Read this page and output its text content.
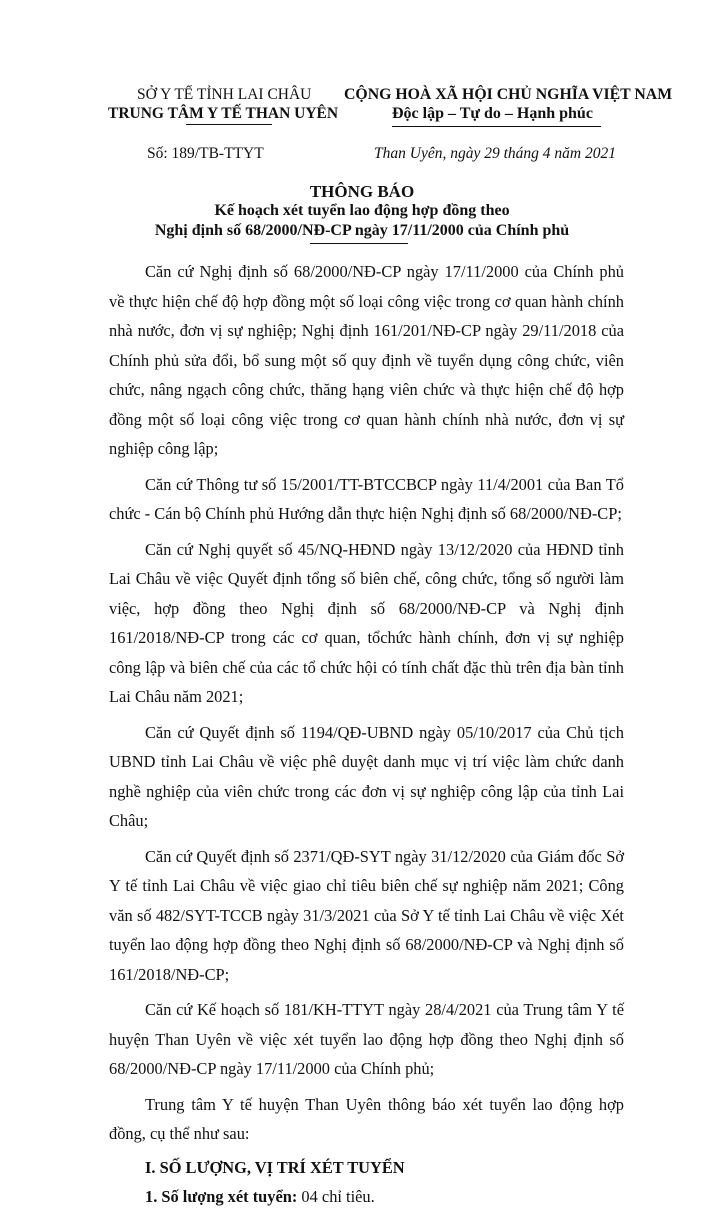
SỞ Y TẾ TỈNH LAI CHÂU
TRUNG TÂM Y TẾ THAN UYÊN
CỘNG HOÀ XÃ HỘI CHỦ NGHĨA VIỆT NAM
Độc lập – Tự do – Hạnh phúc
Số: 189/TB-TTYT	Than Uyên, ngày 29 tháng 4 năm 2021
THÔNG BÁO
Kế hoạch xét tuyển lao động hợp đồng theo
Nghị định số 68/2000/NĐ-CP ngày 17/11/2000 của Chính phủ

Căn cứ Nghị định số 68/2000/NĐ-CP ngày 17/11/2000 của Chính phủ về thực hiện chế độ hợp đồng một số loại công việc trong cơ quan hành chính nhà nước, đơn vị sự nghiệp; Nghị định 161/201/NĐ-CP ngày 29/11/2018 của Chính phủ sửa đổi, bổ sung một số quy định về tuyển dụng công chức, viên chức, nâng ngạch công chức, thăng hạng viên chức và thực hiện chế độ hợp đồng một số loại công việc trong cơ quan hành chính nhà nước, đơn vị sự nghiệp công lập;

Căn cứ Thông tư số 15/2001/TT-BTCCBCP ngày 11/4/2001 của Ban Tổ chức - Cán bộ Chính phủ Hướng dẫn thực hiện Nghị định số 68/2000/NĐ-CP;

Căn cứ Nghị quyết số 45/NQ-HĐND ngày 13/12/2020 của HĐND tỉnh Lai Châu về việc Quyết định tổng số biên chế, công chức, tổng số người làm việc, hợp đồng theo Nghị định số 68/2000/NĐ-CP và Nghị định 161/2018/NĐ-CP trong các cơ quan, tổchức hành chính, đơn vị sự nghiệp công lập và biên chế của các tổ chức hội có tính chất đặc thù trên địa bàn tỉnh Lai Châu năm 2021;

Căn cứ Quyết định số 1194/QĐ-UBND ngày 05/10/2017 của Chủ tịch UBND tỉnh Lai Châu về việc phê duyệt danh mục vị trí việc làm chức danh nghề nghiệp của viên chức trong các đơn vị sự nghiệp công lập của tỉnh Lai Châu;

Căn cứ Quyết định số 2371/QĐ-SYT ngày 31/12/2020 của Giám đốc Sở Y tế tỉnh Lai Châu về việc giao chỉ tiêu biên chế sự nghiệp năm 2021; Công văn số 482/SYT-TCCB ngày 31/3/2021 của Sở Y tế tỉnh Lai Châu về việc Xét tuyển lao động hợp đồng theo Nghị định số 68/2000/NĐ-CP và Nghị định số 161/2018/NĐ-CP;

Căn cứ Kế hoạch số 181/KH-TTYT ngày 28/4/2021 của Trung tâm Y tế huyện Than Uyên về việc xét tuyển lao động hợp đồng theo Nghị định số 68/2000/NĐ-CP ngày 17/11/2000 của Chính phủ;

Trung tâm Y tế huyện Than Uyên thông báo xét tuyển lao động hợp đồng, cụ thể như sau:

I. SỐ LƯỢNG, VỊ TRÍ XÉT TUYỂN

1. Số lượng xét tuyển: 04 chỉ tiêu.
